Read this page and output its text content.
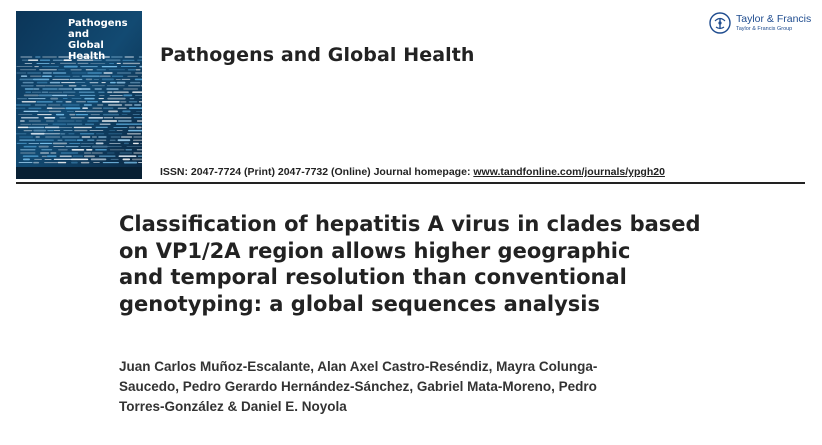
Pathogens and
Global Health	Pathogens and Global Health
Taylor & Francis
Taylor & Francis Group
ISSN: 2047-7724 (Print) 2047-7732 (Online) Journal homepage: www.tandfonline.com/journals/ypgh20
Classification of hepatitis A virus in clades based
on VP1/2A region allows higher geographic
and temporal resolution than conventional
genotyping: a global sequences analysis
Juan Carlos Muñoz-Escalante, Alan Axel Castro-Reséndiz, Mayra Colunga-
Saucedo, Pedro Gerardo Hernández-Sánchez, Gabriel Mata-Moreno, Pedro
Torres-González & Daniel E. Noyola
